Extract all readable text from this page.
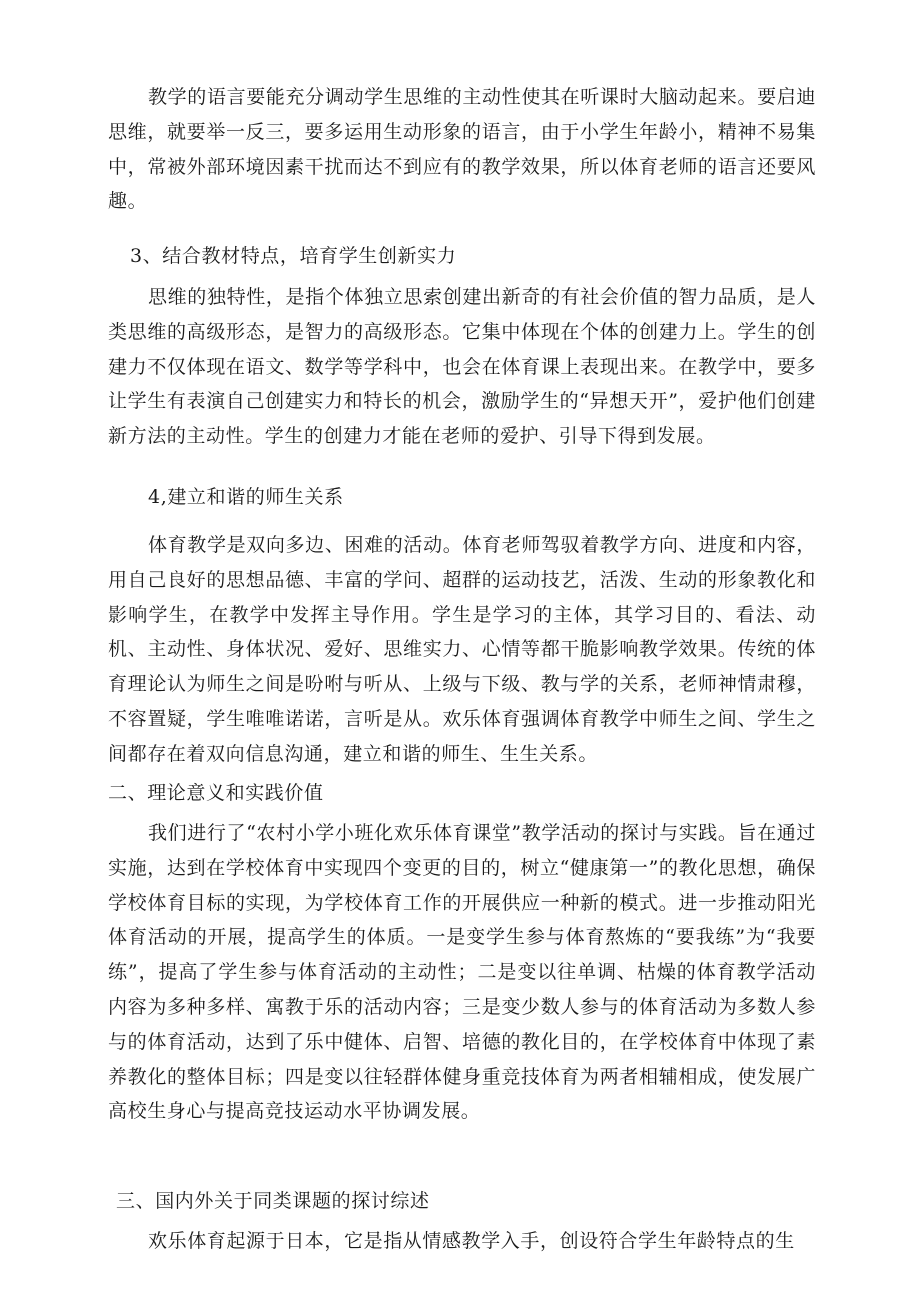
教学的语言要能充分调动学生思维的主动性使其在听课时大脑动起来。要启迪思维，就要举一反三，要多运用生动形象的语言，由于小学生年龄小，精神不易集中，常被外部环境因素干扰而达不到应有的教学效果，所以体育老师的语言还要风趣。

3、结合教材特点，培育学生创新实力

思维的独特性，是指个体独立思索创建出新奇的有社会价值的智力品质，是人类思维的高级形态，是智力的高级形态。它集中体现在个体的创建力上。学生的创建力不仅体现在语文、数学等学科中，也会在体育课上表现出来。在教学中，要多让学生有表演自己创建实力和特长的机会，激励学生的“异想天开”，爱护他们创建新方法的主动性。学生的创建力才能在老师的爱护、引导下得到发展。

4,建立和谐的师生关系

体育教学是双向多边、困难的活动。体育老师驾驭着教学方向、进度和内容，用自己良好的思想品德、丰富的学问、超群的运动技艺，活泼、生动的形象教化和影响学生，在教学中发挥主导作用。学生是学习的主体，其学习目的、看法、动机、主动性、身体状况、爱好、思维实力、心情等都干脆影响教学效果。传统的体育理论认为师生之间是吩咐与听从、上级与下级、教与学的关系，老师神情肃穆，不容置疑，学生唯唯诺诺，言听是从。欢乐体育强调体育教学中师生之间、学生之间都存在着双向信息沟通，建立和谐的师生、生生关系。

二、理论意义和实践价值

我们进行了“农村小学小班化欢乐体育课堂”教学活动的探讨与实践。旨在通过实施，达到在学校体育中实现四个变更的目的，树立“健康第一”的教化思想，确保学校体育目标的实现，为学校体育工作的开展供应一种新的模式。进一步推动阳光体育活动的开展，提高学生的体质。一是变学生参与体育熬炼的“要我练”为“我要练”，提高了学生参与体育活动的主动性；二是变以往单调、枯燥的体育教学活动内容为多种多样、寓教于乐的活动内容；三是变少数人参与的体育活动为多数人参与的体育活动，达到了乐中健体、启智、培德的教化目的，在学校体育中体现了素养教化的整体目标；四是变以往轻群体健身重竞技体育为两者相辅相成，使发展广高校生身心与提高竞技运动水平协调发展。

三、国内外关于同类课题的探讨综述

欢乐体育起源于日本，它是指从情感教学入手，创设符合学生年龄特点的生
